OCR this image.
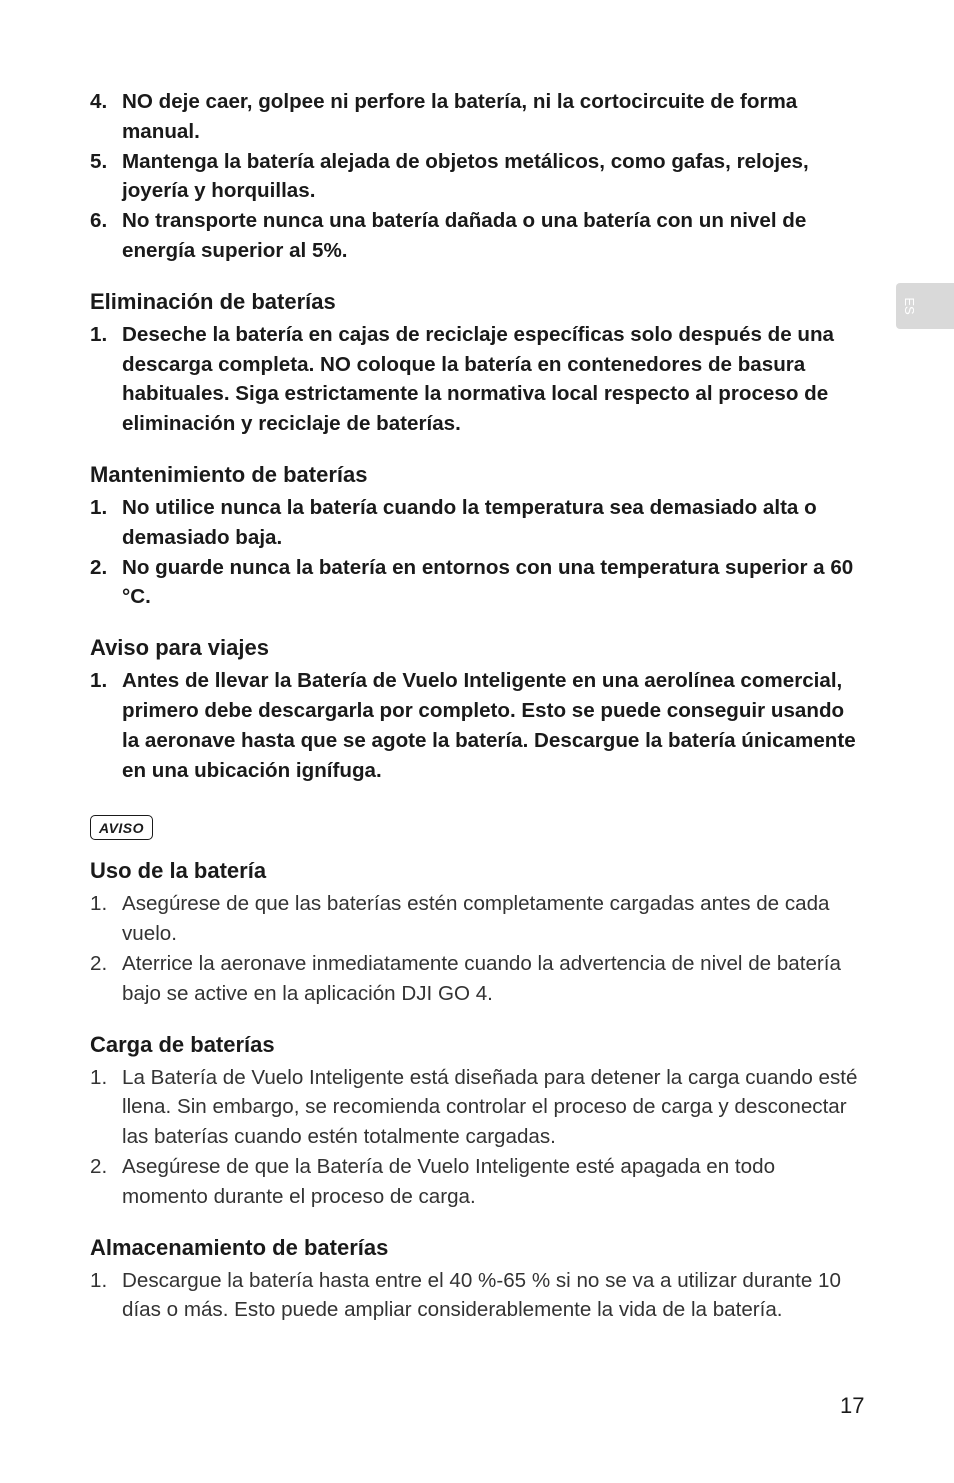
ES
4. NO deje caer, golpee ni perfore la batería, ni la cortocircuite de forma manual.
5. Mantenga la batería alejada de objetos metálicos, como gafas, relojes, joyería y horquillas.
6. No transporte nunca una batería dañada o una batería con un nivel de energía superior al 5%.
Eliminación de baterías
1. Deseche la batería en cajas de reciclaje específicas solo después de una descarga completa. NO coloque la batería en contenedores de basura habituales. Siga estrictamente la normativa local respecto al proceso de eliminación y reciclaje de baterías.
Mantenimiento de baterías
1. No utilice nunca la batería cuando la temperatura sea demasiado alta o demasiado baja.
2. No guarde nunca la batería en entornos con una temperatura superior a 60 °C.
Aviso para viajes
1. Antes de llevar la Batería de Vuelo Inteligente en una aerolínea comercial, primero debe descargarla por completo. Esto se puede conseguir usando la aeronave hasta que se agote la batería. Descargue la batería únicamente en una ubicación ignífuga.
AVISO
Uso de la batería
1. Asegúrese de que las baterías estén completamente cargadas antes de cada vuelo.
2. Aterrice la aeronave inmediatamente cuando la advertencia de nivel de batería bajo se active en la aplicación DJI GO 4.
Carga de baterías
1. La Batería de Vuelo Inteligente está diseñada para detener la carga cuando esté llena. Sin embargo, se recomienda controlar el proceso de carga y desconectar las baterías cuando estén totalmente cargadas.
2. Asegúrese de que la Batería de Vuelo Inteligente esté apagada en todo momento durante el proceso de carga.
Almacenamiento de baterías
1. Descargue la batería hasta entre el 40 %-65 % si no se va a utilizar durante 10 días o más. Esto puede ampliar considerablemente la vida de la batería.
17
